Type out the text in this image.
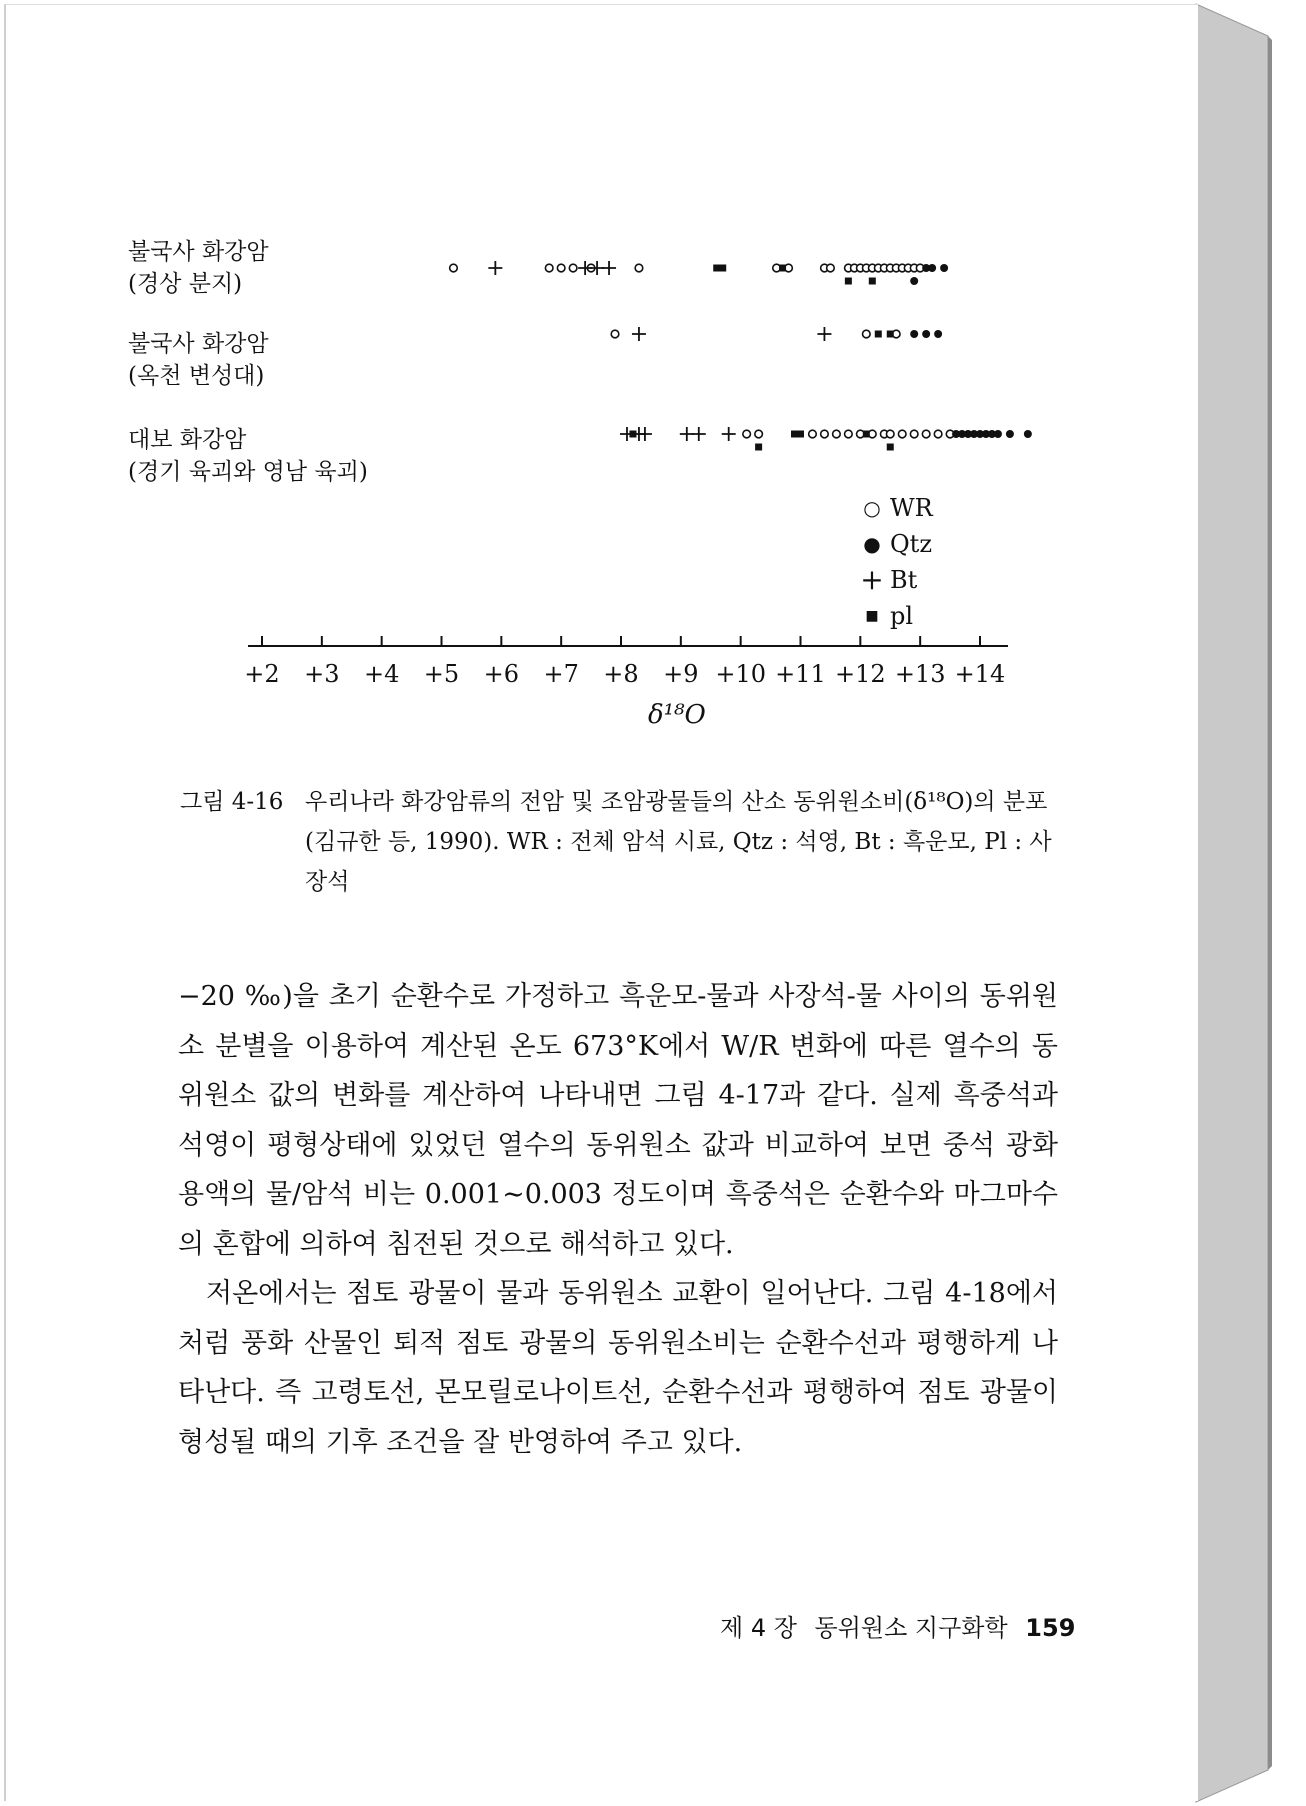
불국사 화강암
(경상 분지)
불국사 화강암
(옥천 변성대)
대보 화강암
(경기 육괴와 영남 육괴)
+2 +3 +4 +5 +6 +7 +8 +9 +10 +11 +12 +13 +14
δ¹⁸O
○ WR
● Qtz
+ Bt
■ pl
그림 4-16 우리나라 화강암류의 전암 및 조암광물들의 산소 동위원소비(δ¹⁸O)의 분포(김규한 등, 1990). WR : 전체 암석 시료, Qtz : 석영, Bt : 흑운모, Pl : 사장석

−20 ‰)을 초기 순환수로 가정하고 흑운모-물과 사장석-물 사이의 동위원소 분별을 이용하여 계산된 온도 673°K에서 W/R 변화에 따른 열수의 동위원소 값의 변화를 계산하여 나타내면 그림 4-17과 같다. 실제 흑중석과 석영이 평형상태에 있었던 열수의 동위원소 값과 비교하여 보면 중석 광화 용액의 물/암석 비는 0.001∼0.003 정도이며 흑중석은 순환수와 마그마수의 혼합에 의하여 침전된 것으로 해석하고 있다.

저온에서는 점토 광물이 물과 동위원소 교환이 일어난다. 그림 4-18에서처럼 풍화 산물인 퇴적 점토 광물의 동위원소비는 순환수선과 평행하게 나타난다. 즉 고령토선, 몬모릴로나이트선, 순환수선과 평행하여 점토 광물이 형성될 때의 기후 조건을 잘 반영하여 주고 있다.

제 4 장 동위원소 지구화학 159
